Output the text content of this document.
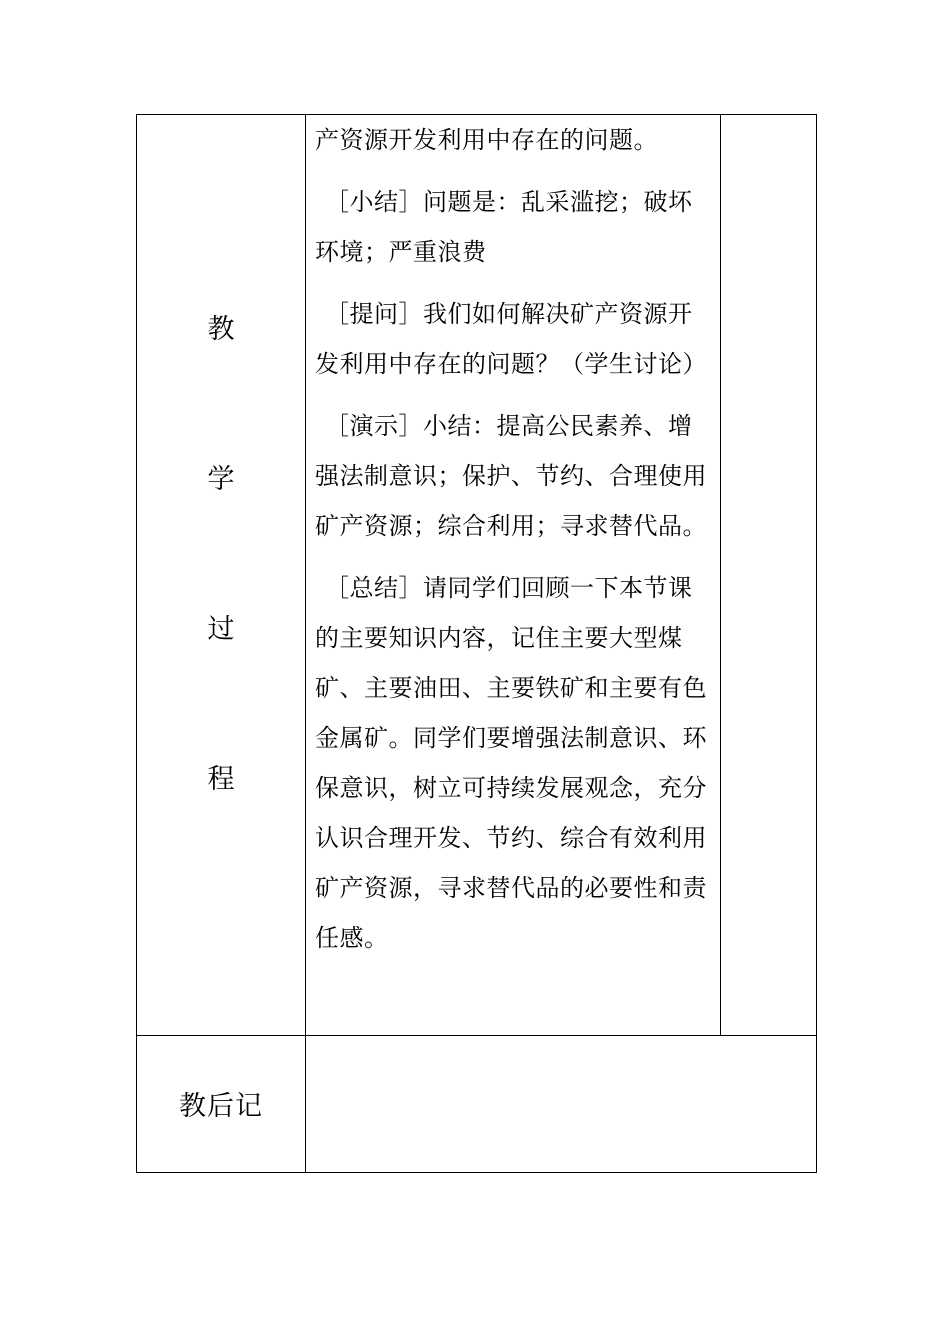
教
学
过
程

产资源开发利用中存在的问题。

［小结］问题是：乱采滥挖；破坏环境；严重浪费

［提问］我们如何解决矿产资源开发利用中存在的问题？（学生讨论）

［演示］小结：提高公民素养、增强法制意识；保护、节约、合理使用矿产资源；综合利用；寻求替代品。

［总结］请同学们回顾一下本节课的主要知识内容，记住主要大型煤矿、主要油田、主要铁矿和主要有色金属矿。同学们要增强法制意识、环保意识，树立可持续发展观念，充分认识合理开发、节约、综合有效利用矿产资源，寻求替代品的必要性和责任感。

教后记
